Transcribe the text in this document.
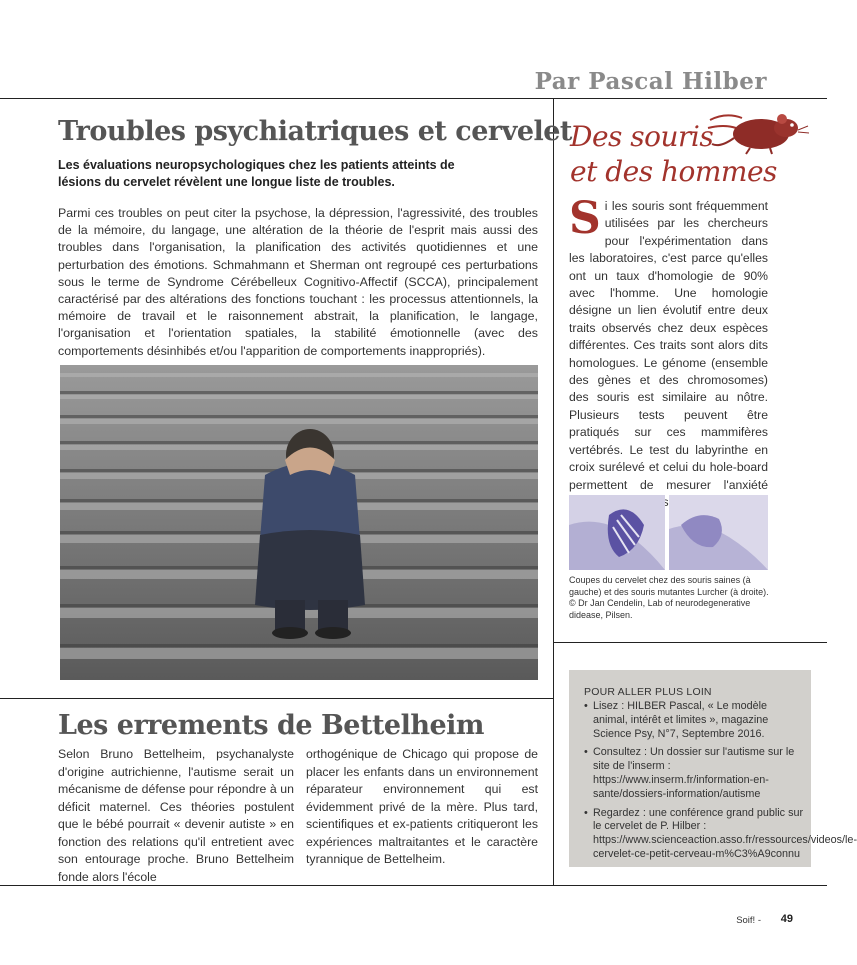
Par Pascal Hilber
Troubles psychiatriques et cervelet
Les évaluations neuropsychologiques chez les patients atteints de lésions du cervelet révèlent une longue liste de troubles.
Parmi ces troubles on peut citer la psychose, la dépression, l'agressivité, des troubles de la mémoire, du langage, une altération de la théorie de l'esprit mais aussi des troubles dans l'organisation, la planification des activités quotidiennes et une perturbation des émotions. Schmahmann et Sherman ont regroupé ces perturbations sous le terme de Syndrome Cérébelleux Cognitivo-Affectif (SCCA), principalement caractérisé par des altérations des fonctions touchant : les processus attentionnels, la mémoire de travail et le raisonnement abstrait, la planification, le langage, l'organisation et l'orientation spatiales, la stabilité émotionnelle (avec des comportements désinhibés et/ou l'apparition de comportements inappropriés).
Les errements de Bettelheim
Selon Bruno Bettelheim, psychanalyste d'origine autrichienne, l'autisme serait un mécanisme de défense pour répondre à un déficit maternel. Ces théories postulent que le bébé pourrait « devenir autiste » en fonction des relations qu'il entretient avec son entourage proche. Bruno Bettelheim fonde alors l'école
orthogénique de Chicago qui propose de placer les enfants dans un environnement réparateur environnement qui est évidemment privé de la mère. Plus tard, scientifiques et ex-patients critiqueront les expériences maltraitantes et le caractère tyrannique de Bettelheim.
Des souris
et des hommes
S i les souris sont fréquemment utilisées par les chercheurs pour l'expérimentation dans les laboratoires, c'est parce qu'elles ont un taux d'homologie de 90% avec l'homme. Une homologie désigne un lien évolutif entre deux traits observés chez deux espèces différentes. Ces traits sont alors dits homologues. Le génome (ensemble des gènes et des chromosomes) des souris est similaire au nôtre. Plusieurs tests peuvent être pratiqués sur ces mammifères vertébrés. Le test du labyrinthe en croix surélevé et celui du hole-board permettent de mesurer l'anxiété
Coupes du cervelet chez des souris saines (à gauche) et des souris mutantes Lurcher (à droite). © Dr Jan Cendelin, Lab of neurodegenerative didease, Pilsen.
POUR ALLER PLUS LOIN
• Lisez : HILBER Pascal, « Le modèle animal, intérêt et limites », magazine Science Psy, N°7, Septembre 2016.
• Consultez : Un dossier sur l'autisme sur le site de l'inserm : https://www.inserm.fr/information-en-sante/dossiers-information/autisme
• Regardez : une conférence grand public sur le cervelet de P. Hilber : https://www.scienceaction.asso.fr/ressources/videos/le-cervelet-ce-petit-cerveau-m%C3%A9connu
Soif! - 49
